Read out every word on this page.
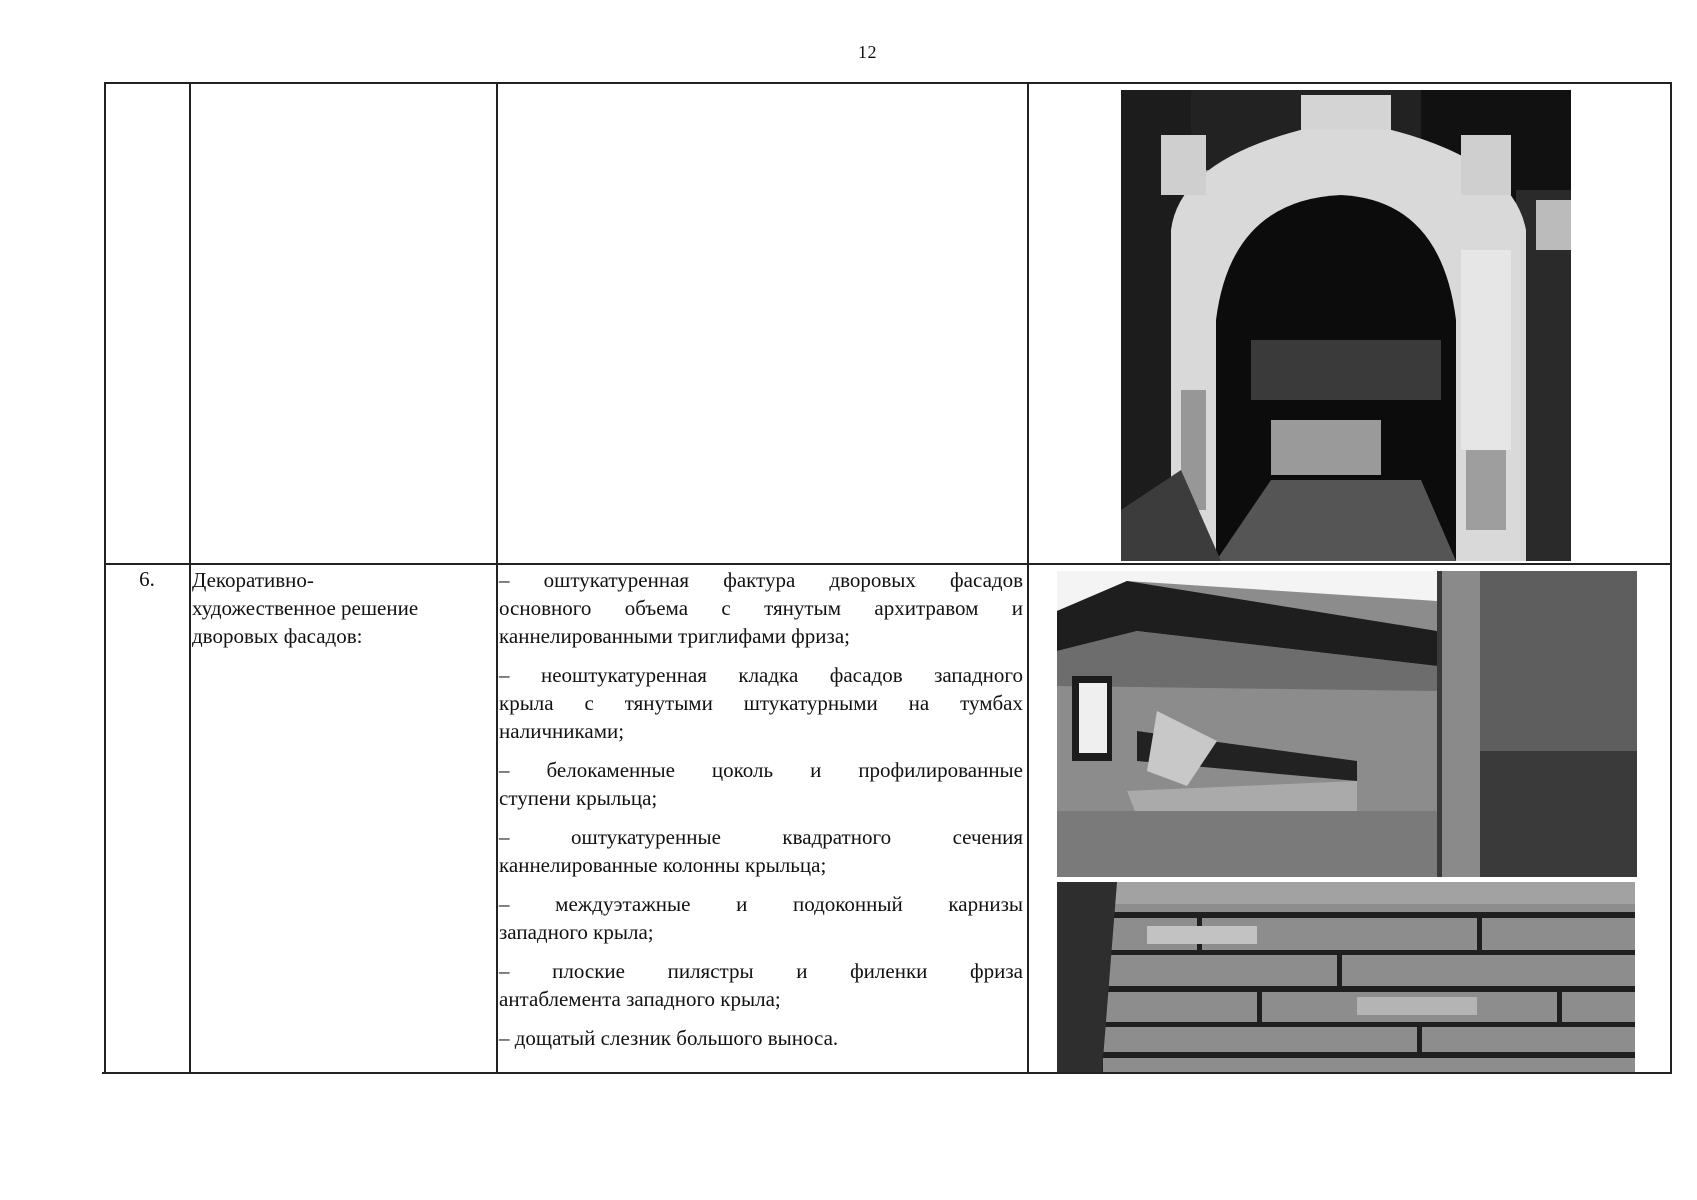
12
6.	Декоративно-
художественное решение
дворовых фасадов:

– оштукатуренная фактура дворовых фасадов
основного объема с тянутым архитравом и
каннелированными триглифами фриза;

– неоштукатуренная кладка фасадов западного
крыла с тянутыми штукатурными на тумбах
наличниками;

– белокаменные цоколь и профилированные
ступени крыльца;

– оштукатуренные квадратного сечения
каннелированные колонны крыльца;

– междуэтажные и подоконный карнизы
западного крыла;

– плоские пилястры и филенки фриза
антаблемента западного крыла;

– дощатый слезник большого выноса.
